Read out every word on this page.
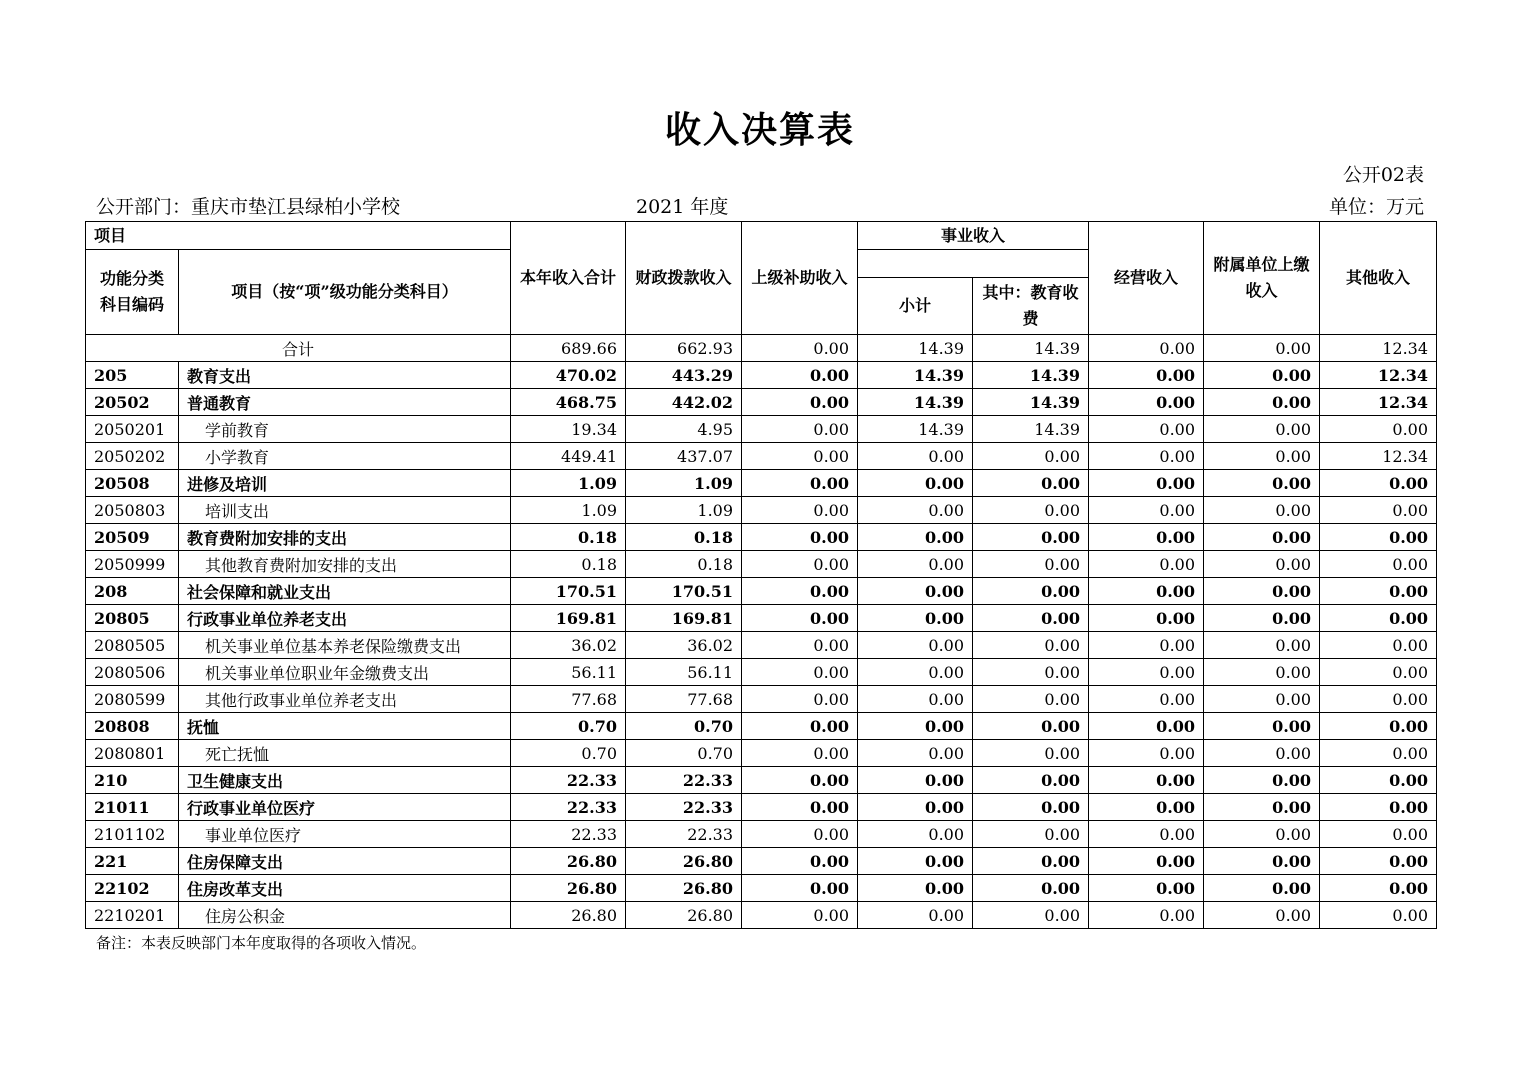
收入决算表
公开02表
公开部门：重庆市垫江县绿柏小学校	2021 年度	单位：万元
项目		本年收入合计	财政拨款收入	上级补助收入	事业收入		经营收入	附属单位上缴收入	其他收入
功能分类科目编码	项目（按“项”级功能分类科目）								
					小计	其中：教育收费			
合计		689.66	662.93	0.00	14.39	14.39	0.00	0.00	12.34
205	教育支出	470.02	443.29	0.00	14.39	14.39	0.00	0.00	12.34
20502	普通教育	468.75	442.02	0.00	14.39	14.39	0.00	0.00	12.34
2050201	学前教育	19.34	4.95	0.00	14.39	14.39	0.00	0.00	0.00
2050202	小学教育	449.41	437.07	0.00	0.00	0.00	0.00	0.00	12.34
20508	进修及培训	1.09	1.09	0.00	0.00	0.00	0.00	0.00	0.00
2050803	培训支出	1.09	1.09	0.00	0.00	0.00	0.00	0.00	0.00
20509	教育费附加安排的支出	0.18	0.18	0.00	0.00	0.00	0.00	0.00	0.00
2050999	其他教育费附加安排的支出	0.18	0.18	0.00	0.00	0.00	0.00	0.00	0.00
208	社会保障和就业支出	170.51	170.51	0.00	0.00	0.00	0.00	0.00	0.00
20805	行政事业单位养老支出	169.81	169.81	0.00	0.00	0.00	0.00	0.00	0.00
2080505	机关事业单位基本养老保险缴费支出	36.02	36.02	0.00	0.00	0.00	0.00	0.00	0.00
2080506	机关事业单位职业年金缴费支出	56.11	56.11	0.00	0.00	0.00	0.00	0.00	0.00
2080599	其他行政事业单位养老支出	77.68	77.68	0.00	0.00	0.00	0.00	0.00	0.00
20808	抚恤	0.70	0.70	0.00	0.00	0.00	0.00	0.00	0.00
2080801	死亡抚恤	0.70	0.70	0.00	0.00	0.00	0.00	0.00	0.00
210	卫生健康支出	22.33	22.33	0.00	0.00	0.00	0.00	0.00	0.00
21011	行政事业单位医疗	22.33	22.33	0.00	0.00	0.00	0.00	0.00	0.00
2101102	事业单位医疗	22.33	22.33	0.00	0.00	0.00	0.00	0.00	0.00
221	住房保障支出	26.80	26.80	0.00	0.00	0.00	0.00	0.00	0.00
22102	住房改革支出	26.80	26.80	0.00	0.00	0.00	0.00	0.00	0.00
2210201	住房公积金	26.80	26.80	0.00	0.00	0.00	0.00	0.00	0.00
备注：本表反映部门本年度取得的各项收入情况。
